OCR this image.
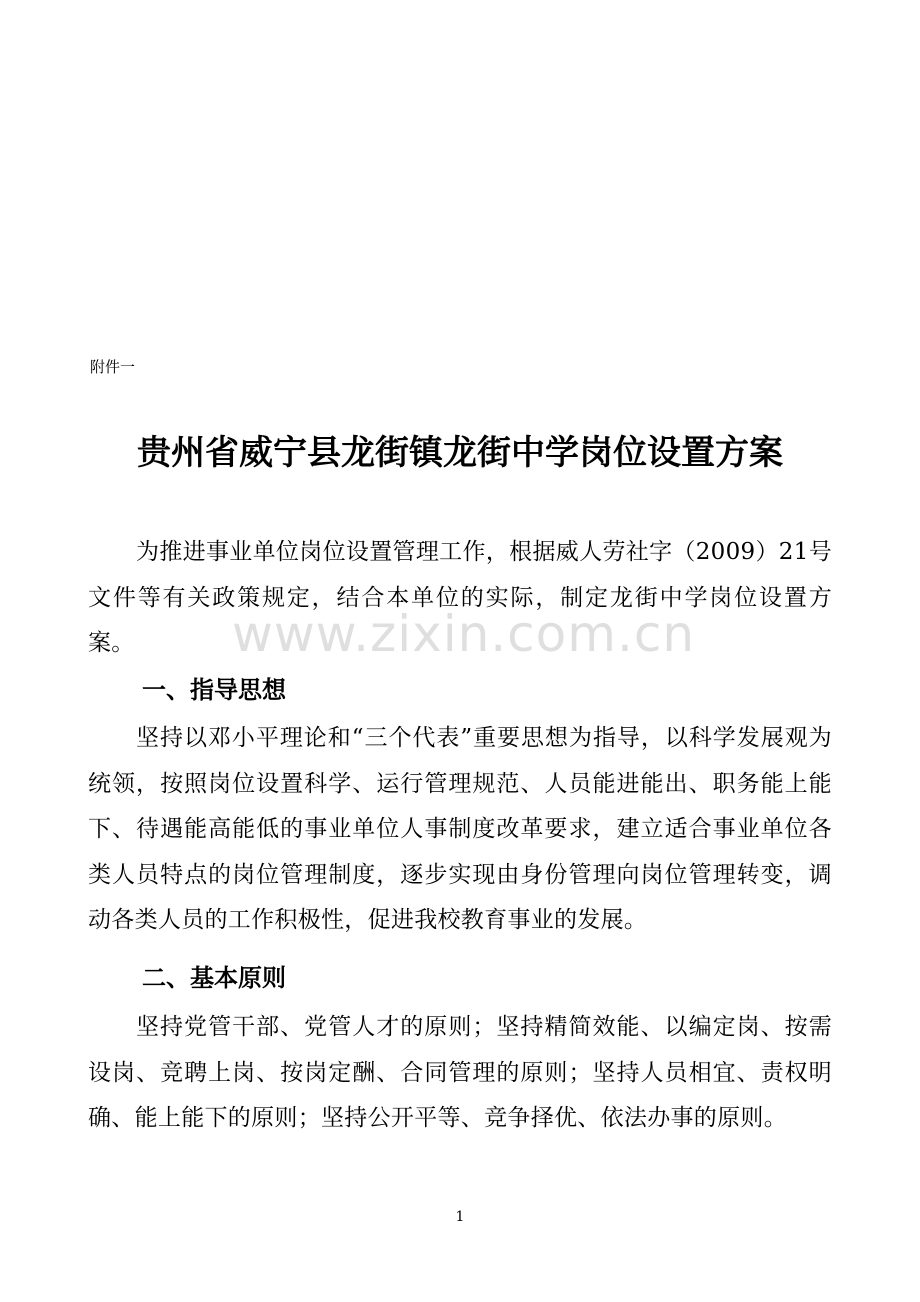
附件一
贵州省威宁县龙街镇龙街中学岗位设置方案
为推进事业单位岗位设置管理工作，根据威人劳社字（2009）21号文件等有关政策规定，结合本单位的实际，制定龙街中学岗位设置方案。	www.zixin.com.cn
一、指导思想
坚持以邓小平理论和“三个代表”重要思想为指导，以科学发展观为统领，按照岗位设置科学、运行管理规范、人员能进能出、职务能上能下、待遇能高能低的事业单位人事制度改革要求，建立适合事业单位各类人员特点的岗位管理制度，逐步实现由身份管理向岗位管理转变，调动各类人员的工作积极性，促进我校教育事业的发展。
二、基本原则
坚持党管干部、党管人才的原则；坚持精简效能、以编定岗、按需设岗、竞聘上岗、按岗定酬、合同管理的原则；坚持人员相宜、责权明确、能上能下的原则；坚持公开平等、竞争择优、依法办事的原则。
1
